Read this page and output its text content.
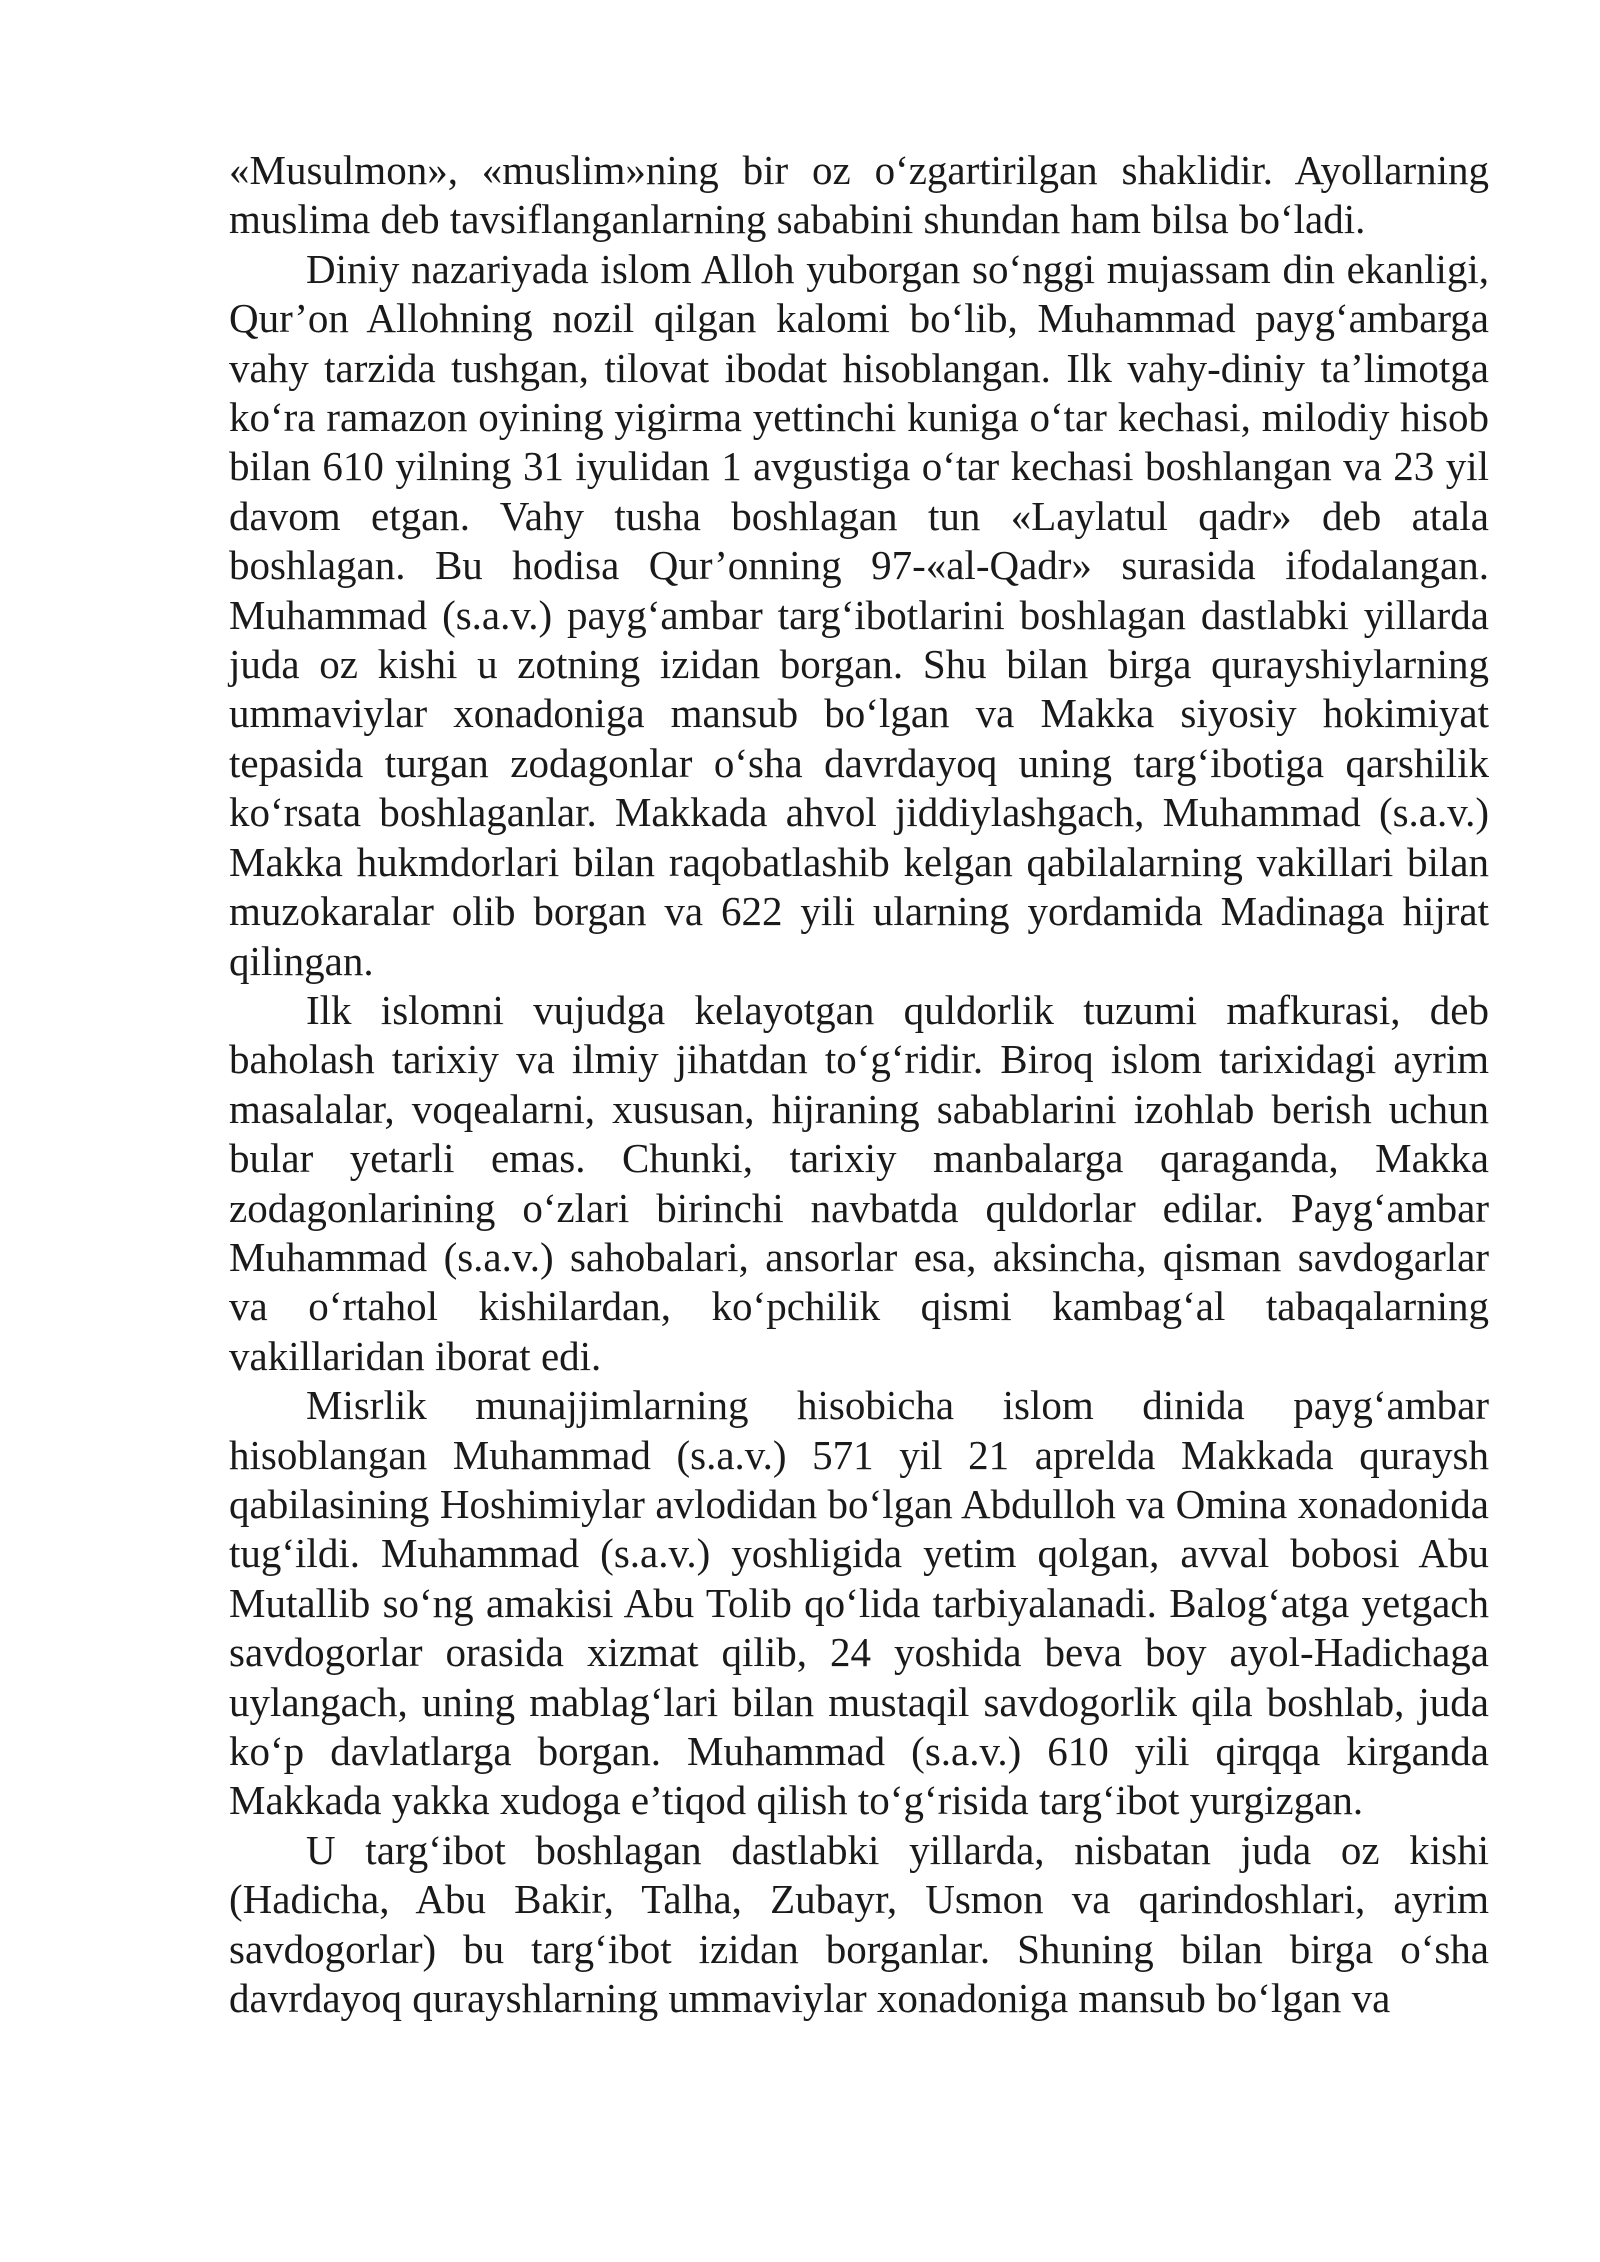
«Musulmon», «muslim»ning bir oz o‘zgartirilgan shaklidir. Ayollarning muslima deb tavsiflanganlarning sababini shundan ham bilsa bo‘ladi.

Diniy nazariyada islom Alloh yuborgan so‘nggi mujassam din ekanligi, Qur’on Allohning nozil qilgan kalomi bo‘lib, Muhammad payg‘ambarga vahy tarzida tushgan, tilovat ibodat hisoblangan. Ilk vahy-diniy ta’limotga ko‘ra ramazon oyining yigirma yettinchi kuniga o‘tar kechasi, milodiy hisob bilan 610 yilning 31 iyulidan 1 avgustiga o‘tar kechasi boshlangan va 23 yil davom etgan. Vahy tusha boshlagan tun «Laylatul qadr» deb atala boshlagan. Bu hodisa Qur’onning 97-«al-Qadr» surasida ifodalangan. Muhammad (s.a.v.) payg‘ambar targ‘ibotlarini boshlagan dastlabki yillarda juda oz kishi u zotning izidan borgan. Shu bilan birga qurayshiylarning ummaviylar xonadoniga mansub bo‘lgan va Makka siyosiy hokimiyat tepasida turgan zodagonlar o‘sha davrdayoq uning targ‘ibotiga qarshilik ko‘rsata boshlaganlar. Makkada ahvol jiddiylashgach, Muhammad (s.a.v.) Makka hukmdorlari bilan raqobatlashib kelgan qabilalarning vakillari bilan muzokaralar olib borgan va 622 yili ularning yordamida Madinaga hijrat qilingan.

Ilk islomni vujudga kelayotgan quldorlik tuzumi mafkurasi, deb baholash tarixiy va ilmiy jihatdan to‘g‘ridir. Biroq islom tarixidagi ayrim masalalar, voqealarni, xususan, hijraning sabablarini izohlab berish uchun bular yetarli emas. Chunki, tarixiy manbalarga qaraganda, Makka zodagonlarining o‘zlari birinchi navbatda quldorlar edilar. Payg‘ambar Muhammad (s.a.v.) sahobalari, ansorlar esa, aksincha, qisman savdogarlar va o‘rtahol kishilardan, ko‘pchilik qismi kambag‘al tabaqalarning vakillaridan iborat edi.

Misrlik munajjimlarning hisobicha islom dinida payg‘ambar hisoblangan Muhammad (s.a.v.) 571 yil 21 aprelda Makkada quraysh qabilasining Hoshimiylar avlodidan bo‘lgan Abdulloh va Omina xonadonida tug‘ildi. Muhammad (s.a.v.) yoshligida yetim qolgan, avval bobosi Abu Mutallib so‘ng amakisi Abu Tolib qo‘lida tarbiyalanadi. Balog‘atga yetgach savdogorlar orasida xizmat qilib, 24 yoshida beva boy ayol-Hadichaga uylangach, uning mablag‘lari bilan mustaqil savdogorlik qila boshlab, juda ko‘p davlatlarga borgan. Muhammad (s.a.v.) 610 yili qirqqa kirganda Makkada yakka xudoga e’tiqod qilish to‘g‘risida targ‘ibot yurgizgan.

U targ‘ibot boshlagan dastlabki yillarda, nisbatan juda oz kishi (Hadicha, Abu Bakir, Talha, Zubayr, Usmon va qarindoshlari, ayrim savdogorlar) bu targ‘ibot izidan borganlar. Shuning bilan birga o‘sha davrdayoq qurayshlarning ummaviylar xonadoniga mansub bo‘lgan va
